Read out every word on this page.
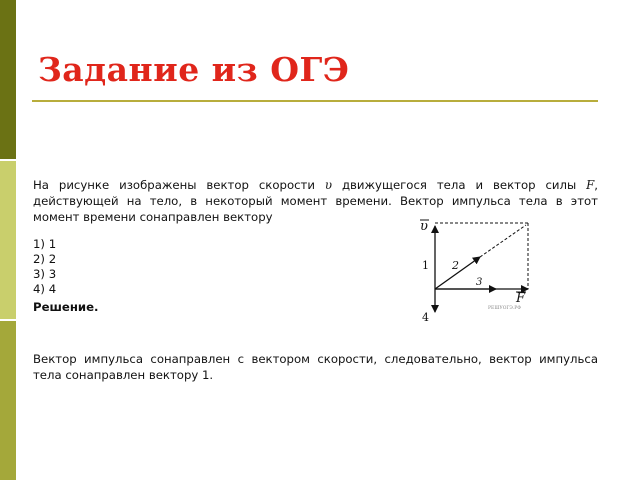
Задание из ОГЭ
На рисунке изображены вектор скорости υ движущегося тела и вектор силы F, действующей на тело, в некоторый момент времени. Вектор импульса тела в этот момент времени сонаправлен вектору
1) 1
2) 2
3) 3
4) 4
Решение.
υ
1 2
3
4
F
РЕШУОГЭ.РФ
Вектор импульса сонаправлен с вектором скорости, следовательно, вектор импульса тела сонаправлен вектору 1.
